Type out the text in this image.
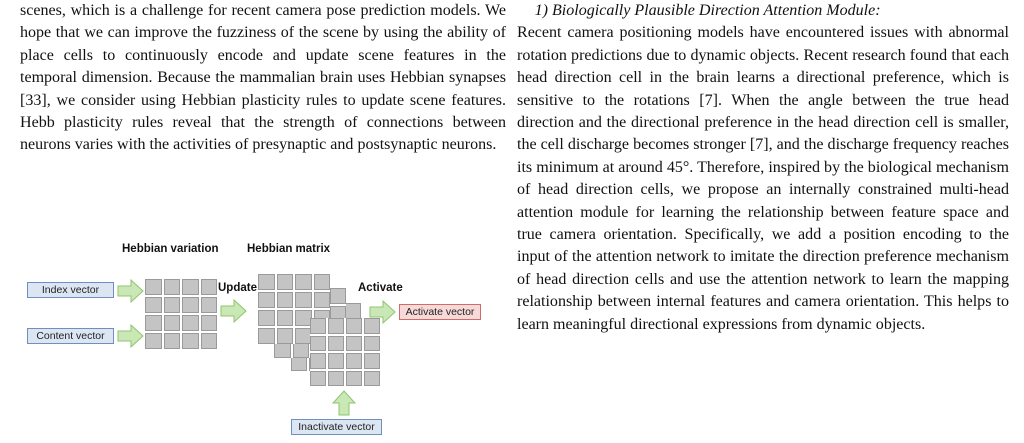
scenes, which is a challenge for recent camera pose prediction models. We hope that we can improve the fuzziness of the scene by using the ability of place cells to continuously encode and update scene features in the temporal dimension. Because the mammalian brain uses Hebbian synapses [33], we consider using Hebbian plasticity rules to update scene features. Hebb plasticity rules reveal that the strength of connections between neurons varies with the activities of presynaptic and postsynaptic neurons.

Hebbian variation Hebbian matrix
Index vector
Content vector
Update	Activate
Activate vector
Inactivate vector
1) Biologically Plausible Direction Attention Module:

Recent camera positioning models have encountered issues with abnormal rotation predictions due to dynamic objects. Recent research found that each head direction cell in the brain learns a directional preference, which is sensitive to the rotations [7]. When the angle between the true head direction and the directional preference in the head direction cell is smaller, the cell discharge becomes stronger [7], and the discharge frequency reaches its minimum at around 45°. Therefore, inspired by the biological mechanism of head direction cells, we propose an internally constrained multi-head attention module for learning the relationship between feature space and true camera orientation. Specifically, we add a position encoding to the input of the attention network to imitate the direction preference mechanism of head direction cells and use the attention network to learn the mapping relationship between internal features and camera orientation. This helps to learn meaningful directional expressions from dynamic objects.
